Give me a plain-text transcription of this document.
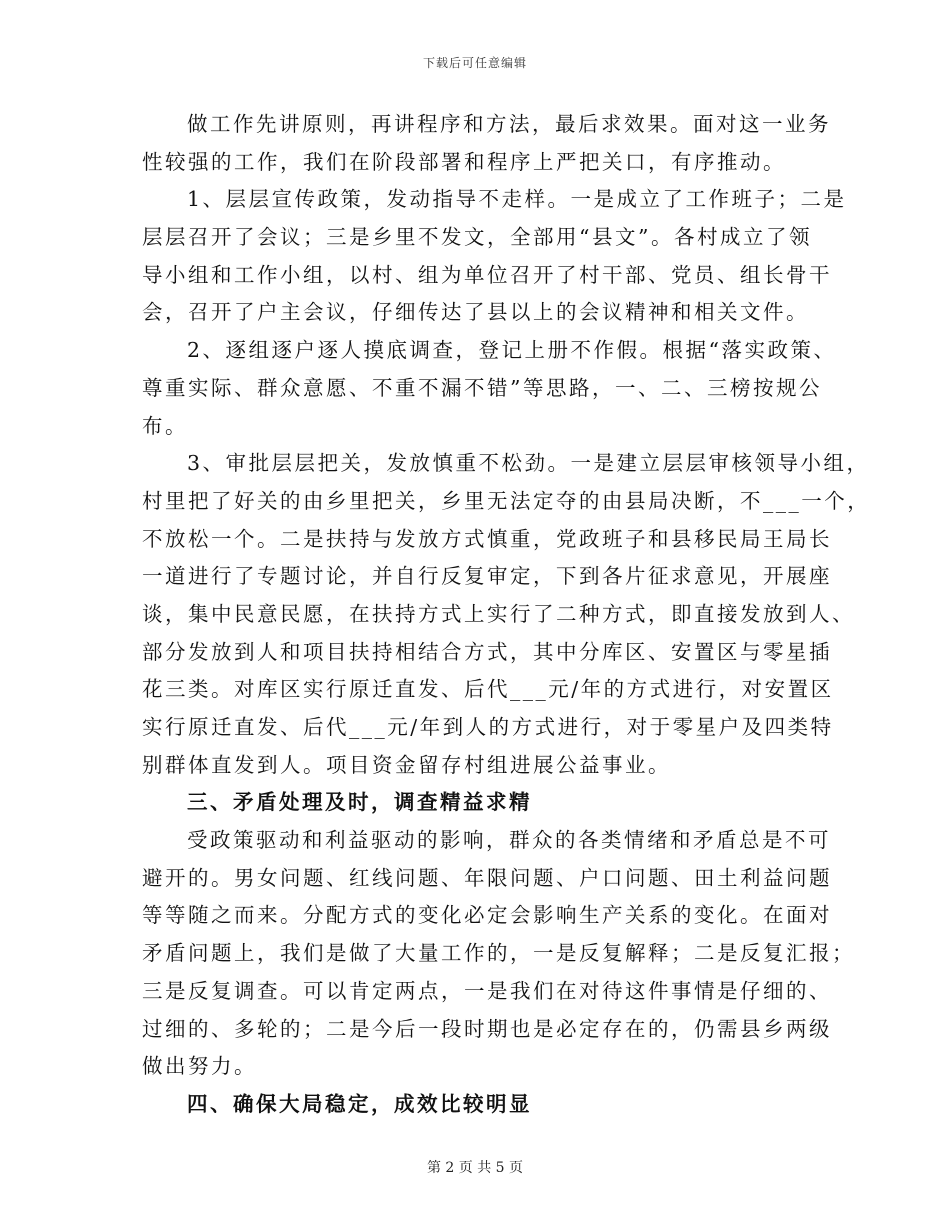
下载后可任意编辑
做工作先讲原则，再讲程序和方法，最后求效果。面对这一业务
性较强的工作，我们在阶段部署和程序上严把关口，有序推动。
1、层层宣传政策，发动指导不走样。一是成立了工作班子；二是
层层召开了会议；三是乡里不发文，全部用“县文”。各村成立了领
导小组和工作小组，以村、组为单位召开了村干部、党员、组长骨干
会，召开了户主会议，仔细传达了县以上的会议精神和相关文件。
2、逐组逐户逐人摸底调查，登记上册不作假。根据“落实政策、
尊重实际、群众意愿、不重不漏不错”等思路，一、二、三榜按规公
布。
3、审批层层把关，发放慎重不松劲。一是建立层层审核领导小组，
村里把了好关的由乡里把关，乡里无法定夺的由县局决断，不___一个，
不放松一个。二是扶持与发放方式慎重，党政班子和县移民局王局长
一道进行了专题讨论，并自行反复审定，下到各片征求意见，开展座
谈，集中民意民愿，在扶持方式上实行了二种方式，即直接发放到人、
部分发放到人和项目扶持相结合方式，其中分库区、安置区与零星插
花三类。对库区实行原迁直发、后代___元/年的方式进行，对安置区
实行原迁直发、后代___元/年到人的方式进行，对于零星户及四类特
别群体直发到人。项目资金留存村组进展公益事业。
三、矛盾处理及时，调查精益求精
受政策驱动和利益驱动的影响，群众的各类情绪和矛盾总是不可
避开的。男女问题、红线问题、年限问题、户口问题、田土利益问题
等等随之而来。分配方式的变化必定会影响生产关系的变化。在面对
矛盾问题上，我们是做了大量工作的，一是反复解释；二是反复汇报；
三是反复调查。可以肯定两点，一是我们在对待这件事情是仔细的、
过细的、多轮的；二是今后一段时期也是必定存在的，仍需县乡两级
做出努力。
四、确保大局稳定，成效比较明显
第 2 页 共 5 页
